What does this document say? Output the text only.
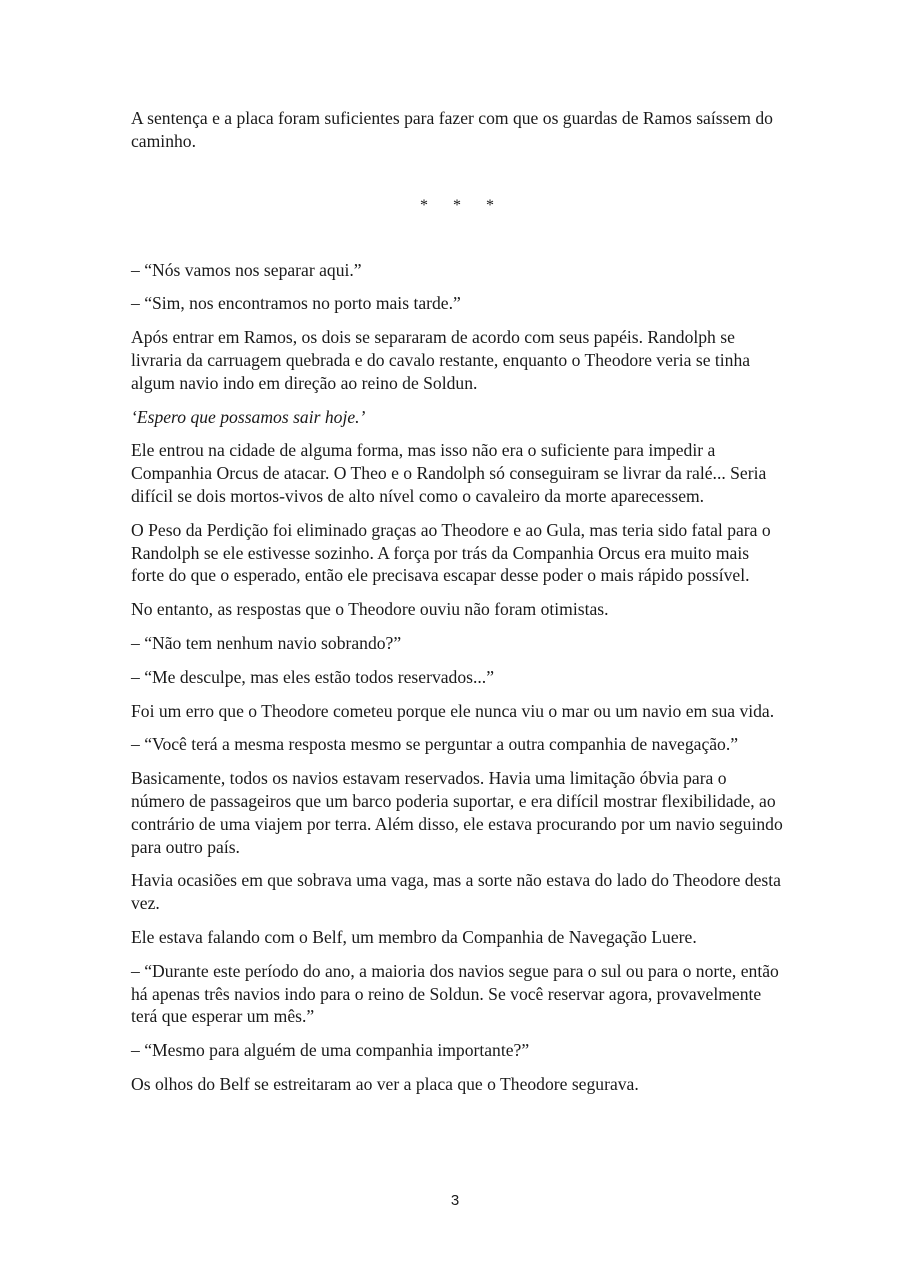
A sentença e a placa foram suficientes para fazer com que os guardas de Ramos saíssem do caminho.

* * *

– “Nós vamos nos separar aqui.”

– “Sim, nos encontramos no porto mais tarde.”

Após entrar em Ramos, os dois se separaram de acordo com seus papéis. Randolph se livraria da carruagem quebrada e do cavalo restante, enquanto o Theodore veria se tinha algum navio indo em direção ao reino de Soldun.

‘Espero que possamos sair hoje.’

Ele entrou na cidade de alguma forma, mas isso não era o suficiente para impedir a Companhia Orcus de atacar. O Theo e o Randolph só conseguiram se livrar da ralé... Seria difícil se dois mortos-vivos de alto nível como o cavaleiro da morte aparecessem.

O Peso da Perdição foi eliminado graças ao Theodore e ao Gula, mas teria sido fatal para o Randolph se ele estivesse sozinho. A força por trás da Companhia Orcus era muito mais forte do que o esperado, então ele precisava escapar desse poder o mais rápido possível.

No entanto, as respostas que o Theodore ouviu não foram otimistas.

– “Não tem nenhum navio sobrando?”

– “Me desculpe, mas eles estão todos reservados...”

Foi um erro que o Theodore cometeu porque ele nunca viu o mar ou um navio em sua vida.

– “Você terá a mesma resposta mesmo se perguntar a outra companhia de navegação.”

Basicamente, todos os navios estavam reservados. Havia uma limitação óbvia para o número de passageiros que um barco poderia suportar, e era difícil mostrar flexibilidade, ao contrário de uma viajem por terra. Além disso, ele estava procurando por um navio seguindo para outro país.

Havia ocasiões em que sobrava uma vaga, mas a sorte não estava do lado do Theodore desta vez.

Ele estava falando com o Belf, um membro da Companhia de Navegação Luere.

– “Durante este período do ano, a maioria dos navios segue para o sul ou para o norte, então há apenas três navios indo para o reino de Soldun. Se você reservar agora, provavelmente terá que esperar um mês.”

– “Mesmo para alguém de uma companhia importante?”

Os olhos do Belf se estreitaram ao ver a placa que o Theodore segurava.

3
